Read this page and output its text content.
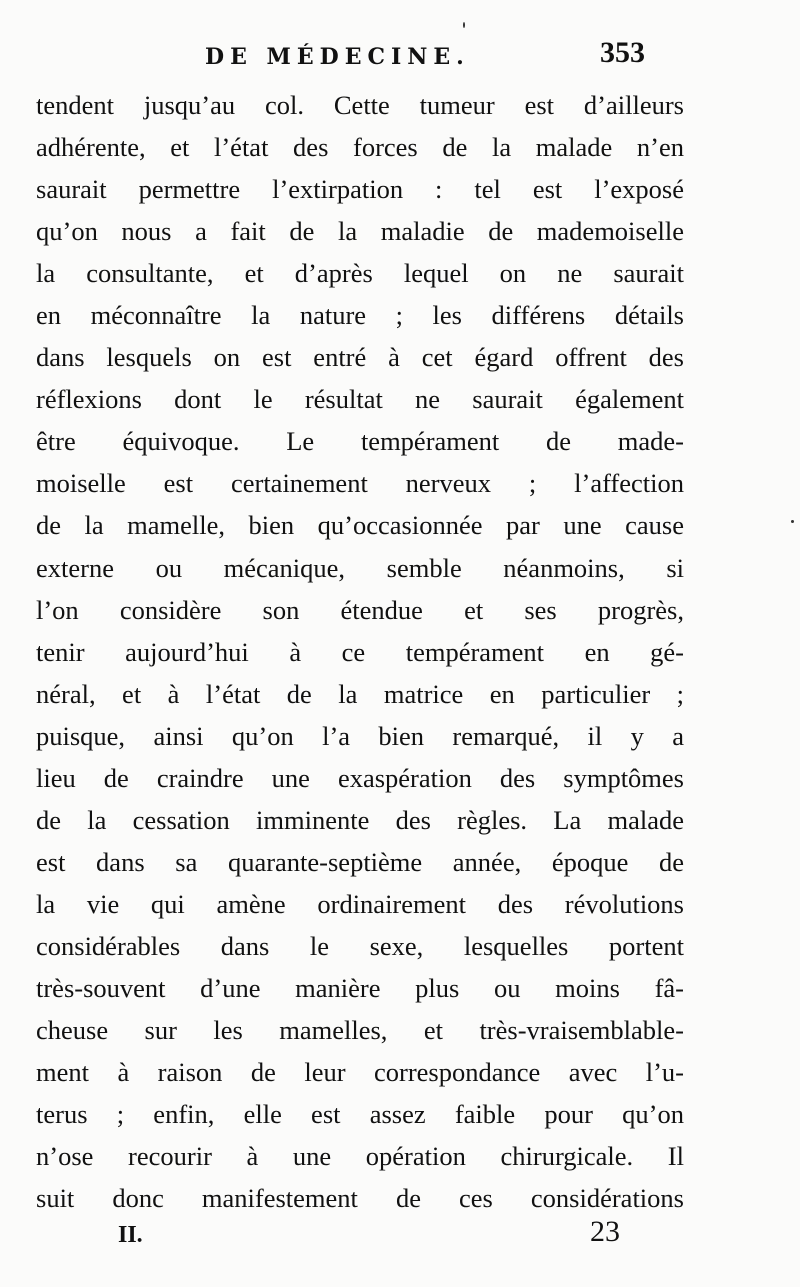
DE MÉDECINE.	353
tendent jusqu’au col. Cette tumeur est d’ailleurs
adhérente, et l’état des forces de la malade n’en
saurait permettre l’extirpation : tel est l’exposé
qu’on nous a fait de la maladie de mademoiselle
la consultante, et d’après lequel on ne saurait
en méconnaître la nature ; les différens détails
dans lesquels on est entré à cet égard offrent des
réflexions dont le résultat ne saurait également
être équivoque. Le tempérament de made-
moiselle est certainement nerveux ; l’affection
de la mamelle, bien qu’occasionnée par une cause
externe ou mécanique, semble néanmoins, si
l’on considère son étendue et ses progrès,
tenir aujourd’hui à ce tempérament en gé-
néral, et à l’état de la matrice en particulier ;
puisque, ainsi qu’on l’a bien remarqué, il y a
lieu de craindre une exaspération des symptômes
de la cessation imminente des règles. La malade
est dans sa quarante-septième année, époque de
la vie qui amène ordinairement des révolutions
considérables dans le sexe, lesquelles portent
très-souvent d’une manière plus ou moins fâ-
cheuse sur les mamelles, et très-vraisemblable-
ment à raison de leur correspondance avec l’u-
terus ; enfin, elle est assez faible pour qu’on
n’ose recourir à une opération chirurgicale. Il
suit donc manifestement de ces considérations
II.	23
